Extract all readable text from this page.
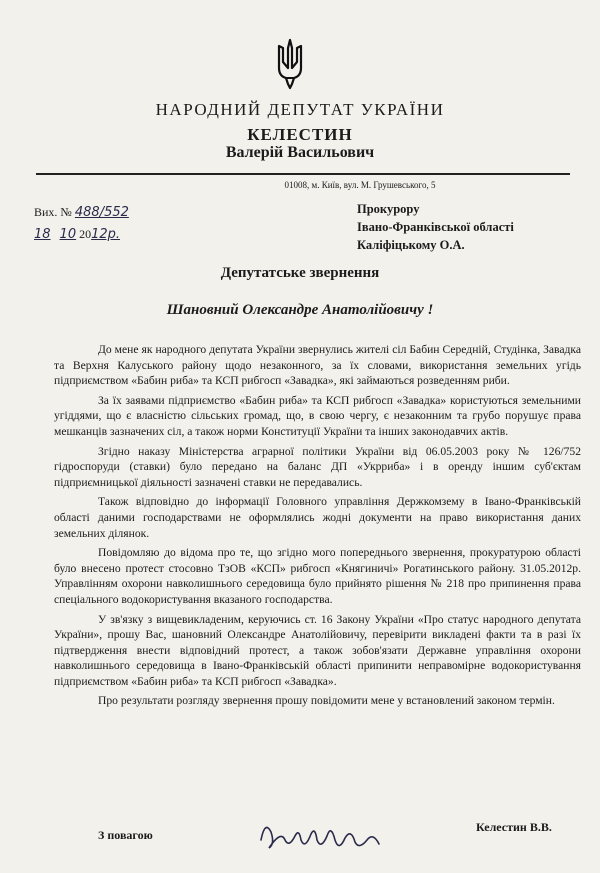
НАРОДНИЙ ДЕПУТАТ УКРАЇНИ
КЕЛЕСТИН
Валерій Васильович
01008, м. Київ, вул. М. Грушевського, 5
Вих. № 488/552
18 10 2012р.
Прокурору
Івано-Франківської області
Каліфіцькому О.А.
Депутатське звернення
Шановний Олександре Анатолійовичу !

До мене як народного депутата України звернулись жителі сіл Бабин Середній, Студінка, Завадка та Верхня Калуського району щодо незаконного, за їх словами, використання земельних угідь підприємством «Бабин риба» та КСП рибгосп «Завадка», які займаються розведенням риби.

За їх заявами підприємство «Бабин риба» та КСП рибгосп «Завадка» користуються земельними угіддями, що є власністю сільських громад, що, в свою чергу, є незаконним та грубо порушує права мешканців зазначених сіл, а також норми Конституції України та інших законодавчих актів.

Згідно наказу Міністерства аграрної політики України від 06.05.2003 року № 126/752 гідроспоруди (ставки) було передано на баланс ДП «Укрриба» і в оренду іншим суб'єктам підприємницької діяльності зазначені ставки не передавались.

Також відповідно до інформації Головного управління Держкомзему в Івано-Франківській області даними господарствами не оформлялись жодні документи на право використання даних земельних ділянок.

Повідомляю до відома про те, що згідно мого попереднього звернення, прокуратурою області було внесено протест стосовно ТзОВ «КСП» рибгосп «Княгиничі» Рогатинського району. 31.05.2012р. Управлінням охорони навколишнього середовища було прийнято рішення № 218 про припинення права спеціального водокористування вказаного господарства.

У зв'язку з вищевикладеним, керуючись ст. 16 Закону України «Про статус народного депутата України», прошу Вас, шановний Олександре Анатолійовичу, перевірити викладені факти та в разі їх підтвердження внести відповідний протест, а також зобов'язати Державне управління охорони навколишнього середовища в Івано-Франківській області припинити неправомірне водокористування підприємством «Бабин риба» та КСП рибгосп «Завадка».

Про результати розгляду звернення прошу повідомити мене у встановлений законом термін.

З повагою
Келестин В.В.
